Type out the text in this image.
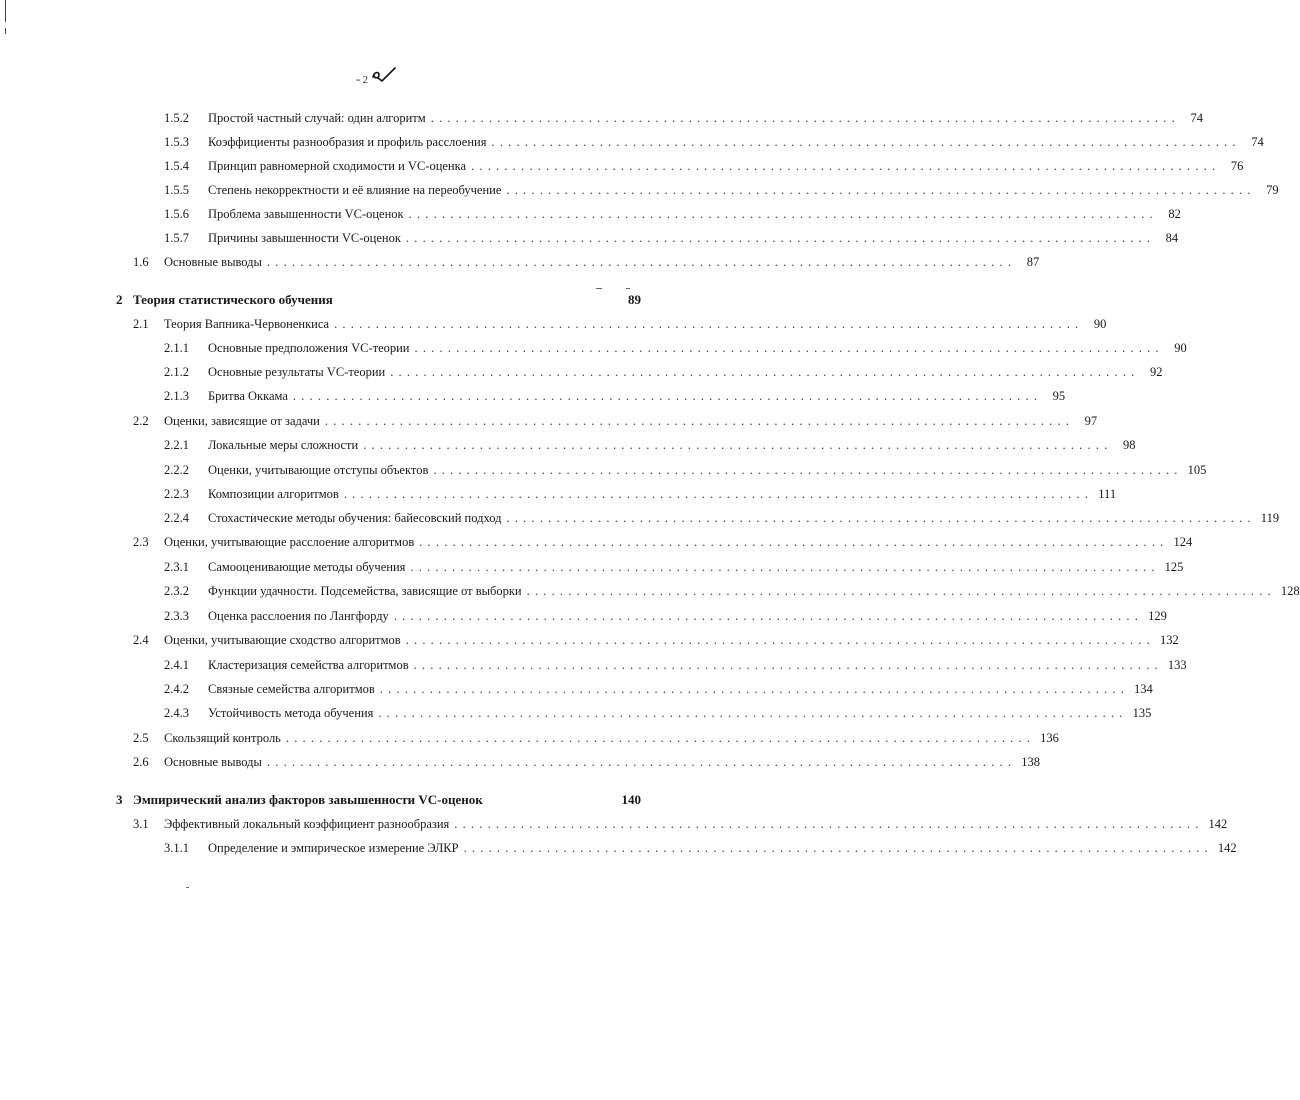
= 2
1.5.2	Простой частный случай: один алгоритм .......................................................................................... 74
1.5.3	Коэффициенты разнообразия и профиль расслоения .......................................................................................... 74
1.5.4	Принцип равномерной сходимости и VC-оценка .......................................................................................... 76
1.5.5	Степень некорректности и её влияние на переобучение .......................................................................................... 79
1.5.6	Проблема завышенности VC-оценок .......................................................................................... 82
1.5.7	Причины завышенности VC-оценок .......................................................................................... 84
1.6	Основные выводы .......................................................................................... 87
2 Теория статистического обучения	89
2.1	Теория Вапника-Червоненкиса .......................................................................................... 90
2.1.1	Основные предположения VC-теории .......................................................................................... 90
2.1.2	Основные результаты VC-теории .......................................................................................... 92
2.1.3	Бритва Оккама .......................................................................................... 95
2.2	Оценки, зависящие от задачи .......................................................................................... 97
2.2.1	Локальные меры сложности .......................................................................................... 98
2.2.2	Оценки, учитывающие отступы объектов .......................................................................................... 105
2.2.3	Композиции алгоритмов .......................................................................................... 111
2.2.4	Стохастические методы обучения: байесовский подход .......................................................................................... 119
2.3	Оценки, учитывающие расслоение алгоритмов .......................................................................................... 124
2.3.1	Самооценивающие методы обучения .......................................................................................... 125
2.3.2	Функции удачности. Подсемейства, зависящие от выборки .......................................................................................... 128
2.3.3	Оценка расслоения по Лангфорду .......................................................................................... 129
2.4	Оценки, учитывающие сходство алгоритмов .......................................................................................... 132
2.4.1	Кластеризация семейства алгоритмов .......................................................................................... 133
2.4.2	Связные семейства алгоритмов .......................................................................................... 134
2.4.3	Устойчивость метода обучения .......................................................................................... 135
2.5	Скользящий контроль .......................................................................................... 136
2.6	Основные выводы .......................................................................................... 138
3 Эмпирический анализ факторов завышенности VC-оценок	140
3.1	Эффективный локальный коэффициент разнообразия .......................................................................................... 142
3.1.1	Определение и эмпирическое измерение ЭЛКР .......................................................................................... 142
